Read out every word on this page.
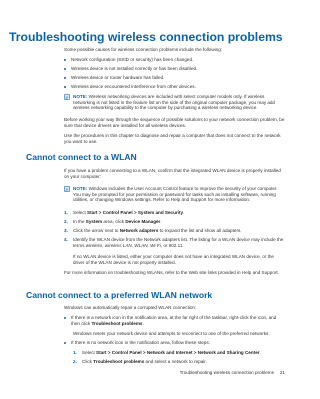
Troubleshooting wireless connection problems
Some possible causes for wireless connection problems include the following:
Network configuration (SSID or security) has been changed.
Wireless device is not installed correctly or has been disabled.
Wireless device or router hardware has failed.
Wireless device encountered interference from other devices.
NOTE: Wireless networking devices are included with select computer models only. If wireless networking is not listed in the feature list on the side of the original computer package, you may add wireless networking capability to the computer by purchasing a wireless networking device.
Before working your way through the sequence of possible solutions to your network connection problem, be sure that device drivers are installed for all wireless devices.
Use the procedures in this chapter to diagnose and repair a computer that does not connect to the network you want to use.
Cannot connect to a WLAN
If you have a problem connecting to a WLAN, confirm that the integrated WLAN device is properly installed on your computer:
NOTE: Windows includes the User Account Control feature to improve the security of your computer. You may be prompted for your permission or password for tasks such as installing software, running utilities, or changing Windows settings. Refer to Help and Support for more information.
1.	Select Start > Control Panel > System and Security.
2.	In the System area, click Device Manager.
3.	Click the arrow next to Network adapters to expand the list and show all adapters.
4.	Identify the WLAN device from the Network adapters list. The listing for a WLAN device may include the terms wireless, wireless LAN, WLAN, Wi-Fi, or 802.11.
If no WLAN device is listed, either your computer does not have an integrated WLAN device, or the driver of the WLAN device is not properly installed.
For more information on troubleshooting WLANs, refer to the Web site links provided in Help and Support.
Cannot connect to a preferred WLAN network
Windows can automatically repair a corrupted WLAN connection:
If there is a network icon in the notification area, at the far right of the taskbar, right-click the icon, and then click Troubleshoot problems.
Windows resets your network device and attempts to reconnect to one of the preferred networks.
If there is no network icon in the notification area, follow these steps:
1.	Select Start > Control Panel > Network and Internet > Network and Sharing Center.
2.	Click Troubleshoot problems and select a network to repair.
Troubleshooting wireless connection problems 21
